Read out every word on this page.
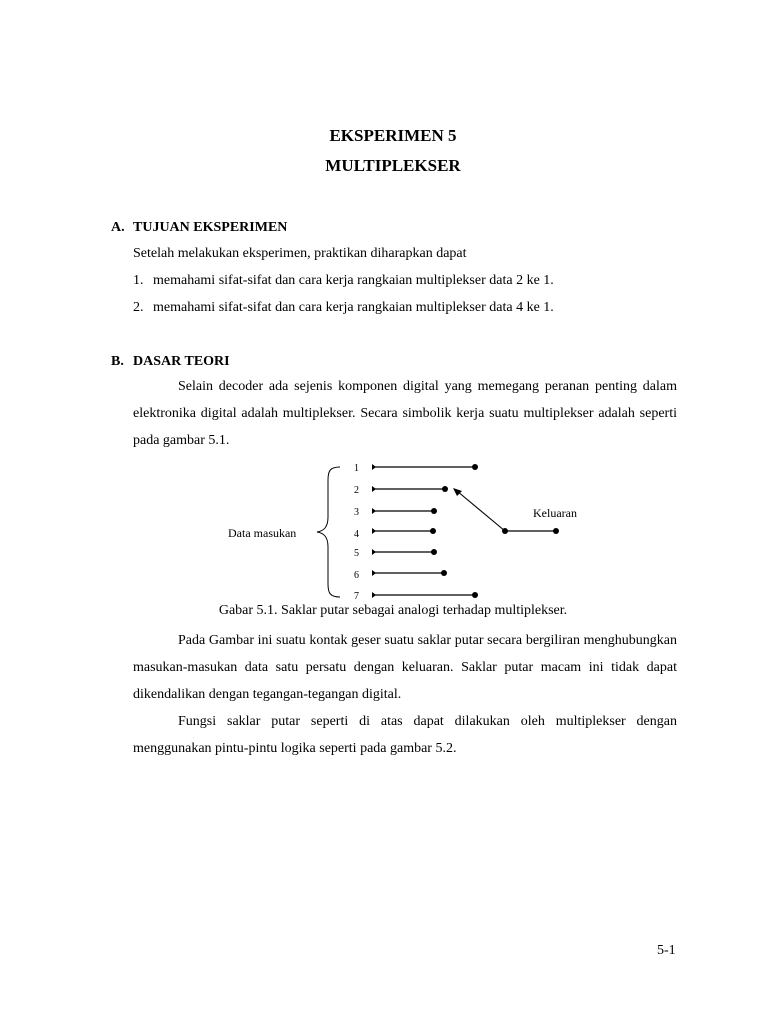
EKSPERIMEN 5
MULTIPLEKSER
A. TUJUAN EKSPERIMEN
Setelah melakukan eksperimen, praktikan diharapkan dapat
1. memahami sifat-sifat dan cara kerja rangkaian multiplekser data 2 ke 1.
2. memahami sifat-sifat dan cara kerja rangkaian multiplekser data 4 ke 1.
B. DASAR TEORI

Selain decoder ada sejenis komponen digital yang memegang peranan penting dalam elektronika digital adalah multiplekser. Secara simbolik kerja suatu multiplekser adalah seperti pada gambar 5.1.

Data masukan
1
2
3
4
5
6
7
Keluaran
Gabar 5.1. Saklar putar sebagai analogi terhadap multiplekser.

Pada Gambar ini suatu kontak geser suatu saklar putar secara bergiliran menghubungkan masukan-masukan data satu persatu dengan keluaran. Saklar putar macam ini tidak dapat dikendalikan dengan tegangan-tegangan digital.

Fungsi saklar putar seperti di atas dapat dilakukan oleh multiplekser dengan menggunakan pintu-pintu logika seperti pada gambar 5.2.

5-1
